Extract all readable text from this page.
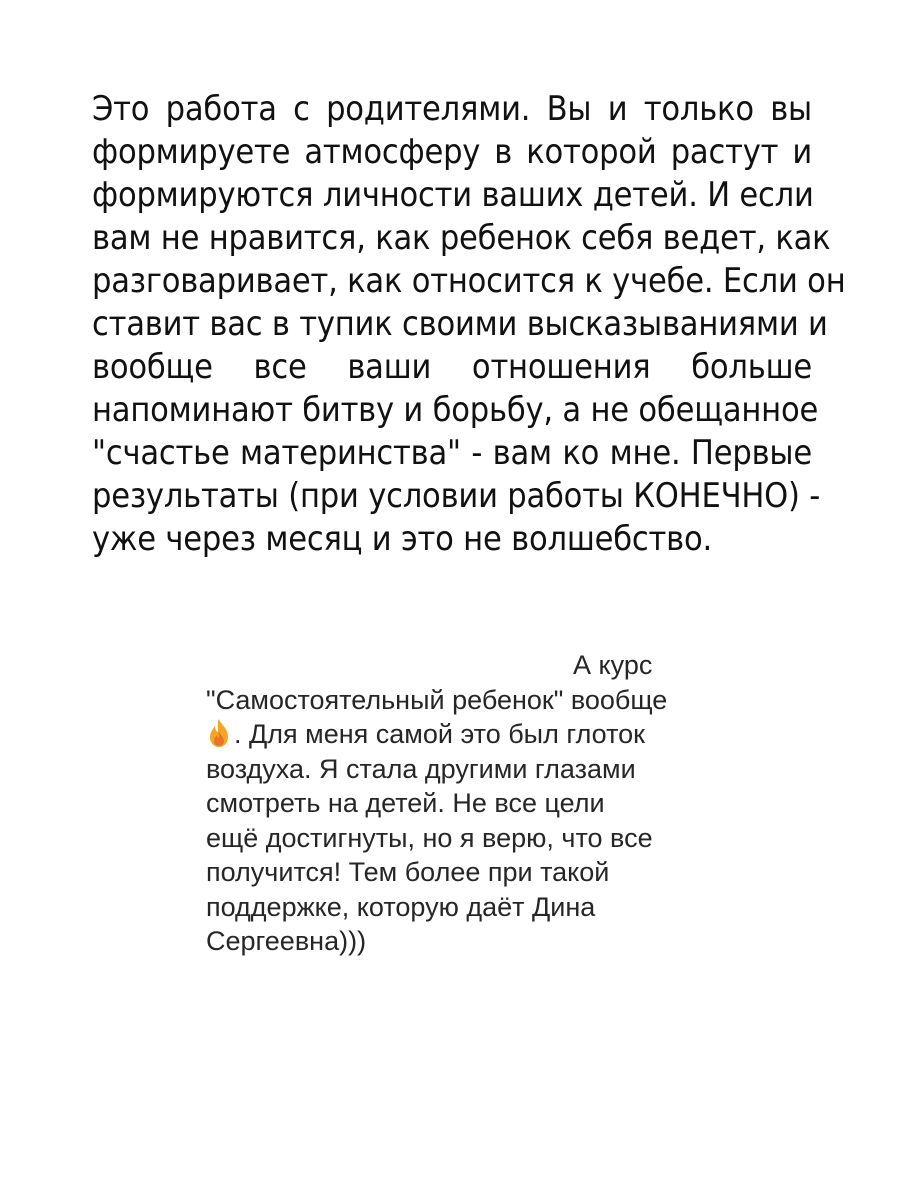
Это работа с родителями. Вы и только вы
формируете атмосферу в которой растут и
формируются личности ваших детей. И если
вам не нравится, как ребенок себя ведет, как
разговаривает, как относится к учебе. Если он
ставит вас в тупик своими высказываниями и
вообще все ваши отношения больше
напоминают битву и борьбу, а не обещанное
"счастье материнства" - вам ко мне. Первые
результаты (при условии работы КОНЕЧНО) -
уже через месяц и это не волшебство.
А курс
"Самостоятельный ребенок" вообще
. Для меня самой это был глоток
воздуха. Я стала другими глазами
смотреть на детей. Не все цели
ещё достигнуты, но я верю, что все
получится! Тем более при такой
поддержке, которую даёт Дина
Сергеевна)))
